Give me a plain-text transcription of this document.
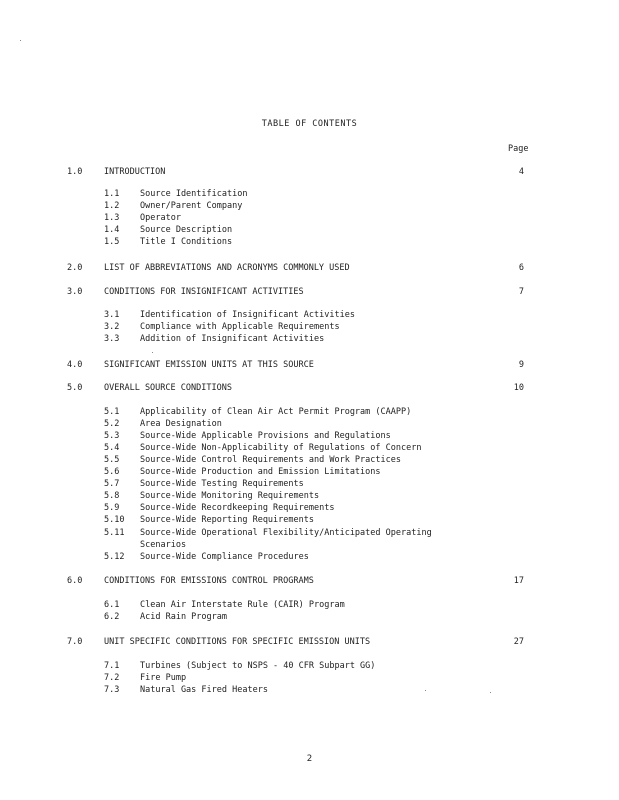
TABLE OF CONTENTS
Page
1.0	INTRODUCTION	4
1.1 Source Identification
1.2 Owner/Parent Company
1.3 Operator
1.4 Source Description
1.5 Title I Conditions
2.0	LIST OF ABBREVIATIONS AND ACRONYMS COMMONLY USED	6
3.0	CONDITIONS FOR INSIGNIFICANT ACTIVITIES	7
3.1 Identification of Insignificant Activities
3.2 Compliance with Applicable Requirements
3.3 Addition of Insignificant Activities
4.0	SIGNIFICANT EMISSION UNITS AT THIS SOURCE	9
5.0	OVERALL SOURCE CONDITIONS	10
5.1 Applicability of Clean Air Act Permit Program (CAAPP)
5.2 Area Designation
5.3 Source-Wide Applicable Provisions and Regulations
5.4 Source-Wide Non-Applicability of Regulations of Concern
5.5 Source-Wide Control Requirements and Work Practices
5.6 Source-Wide Production and Emission Limitations
5.7 Source-Wide Testing Requirements
5.8 Source-Wide Monitoring Requirements
5.9 Source-Wide Recordkeeping Requirements
5.10 Source-Wide Reporting Requirements
5.11 Source-Wide Operational Flexibility/Anticipated Operating
Scenarios
5.12 Source-Wide Compliance Procedures
6.0	CONDITIONS FOR EMISSIONS CONTROL PROGRAMS	17
6.1 Clean Air Interstate Rule (CAIR) Program
6.2 Acid Rain Program
7.0	UNIT SPECIFIC CONDITIONS FOR SPECIFIC EMISSION UNITS	27
7.1 Turbines (Subject to NSPS - 40 CFR Subpart GG)
7.2 Fire Pump
7.3 Natural Gas Fired Heaters
2
